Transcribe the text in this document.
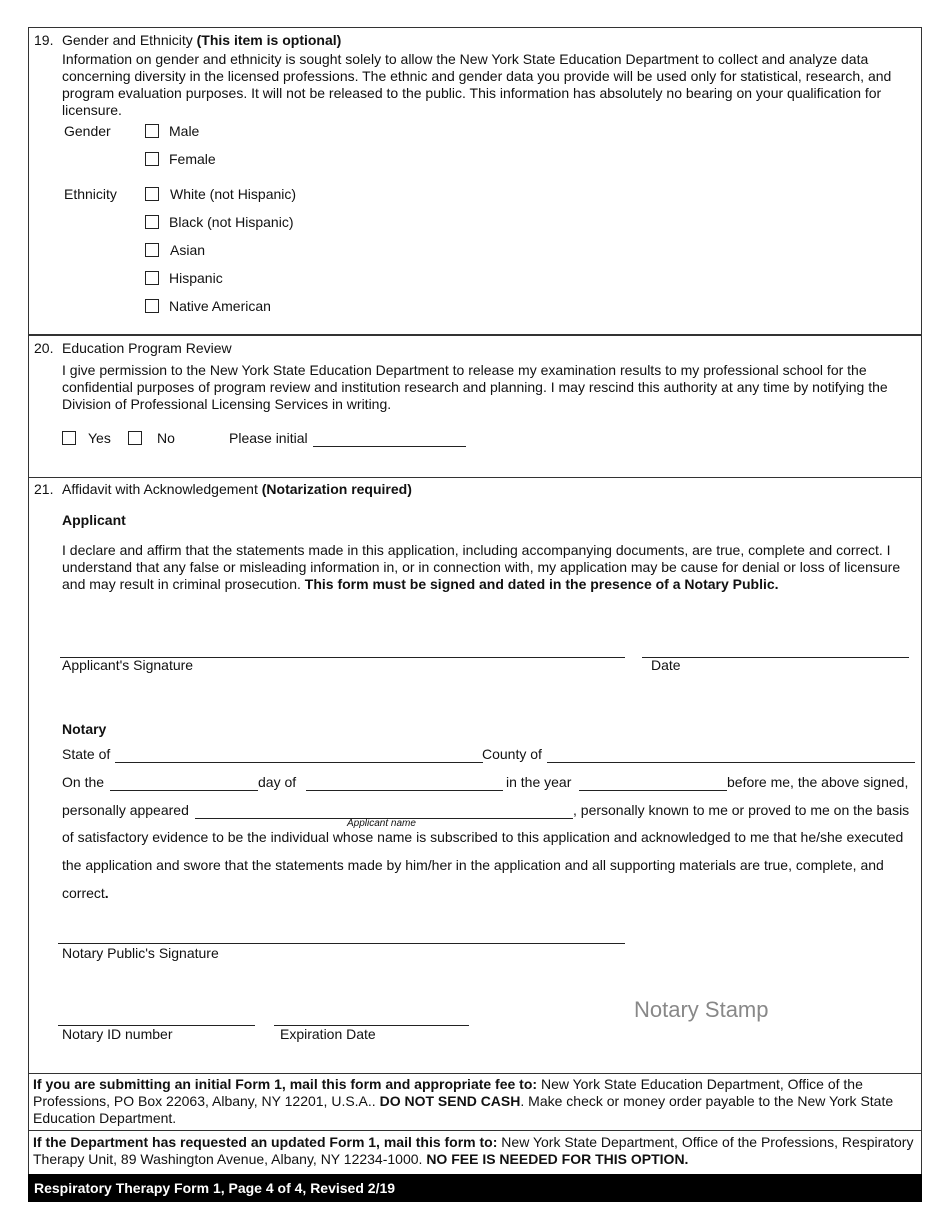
19. Gender and Ethnicity (This item is optional)
Information on gender and ethnicity is sought solely to allow the New York State Education Department to collect and analyze data concerning diversity in the licensed professions. The ethnic and gender data you provide will be used only for statistical, research, and program evaluation purposes. It will not be released to the public. This information has absolutely no bearing on your qualification for licensure.
Gender	Male
Female
Ethnicity	White (not Hispanic)
Black (not Hispanic)
Asian
Hispanic
Native American
20. Education Program Review
I give permission to the New York State Education Department to release my examination results to my professional school for the confidential purposes of program review and institution research and planning. I may rescind this authority at any time by notifying the Division of Professional Licensing Services in writing.
Yes	No	Please initial
21. Affidavit with Acknowledgement (Notarization required)
Applicant
I declare and affirm that the statements made in this application, including accompanying documents, are true, complete and correct. I understand that any false or misleading information in, or in connection with, my application may be cause for denial or loss of licensure and may result in criminal prosecution. This form must be signed and dated in the presence of a Notary Public.
Applicant's Signature	Date
Notary
State of	County of
On the	day of	in the year	before me, the above signed,
personally appeared	, personally known to me or proved to me on the basis
Applicant name
of satisfactory evidence to be the individual whose name is subscribed to this application and acknowledged to me that he/she executed
the application and swore that the statements made by him/her in the application and all supporting materials are true, complete, and
correct.
Notary Public's Signature
Notary ID number	Expiration Date
Notary Stamp
If you are submitting an initial Form 1, mail this form and appropriate fee to: New York State Education Department, Office of the Professions, PO Box 22063, Albany, NY 12201, U.S.A.. DO NOT SEND CASH. Make check or money order payable to the New York State Education Department.
If the Department has requested an updated Form 1, mail this form to: New York State Department, Office of the Professions, Respiratory Therapy Unit, 89 Washington Avenue, Albany, NY 12234-1000. NO FEE IS NEEDED FOR THIS OPTION.
Respiratory Therapy Form 1, Page 4 of 4, Revised 2/19
